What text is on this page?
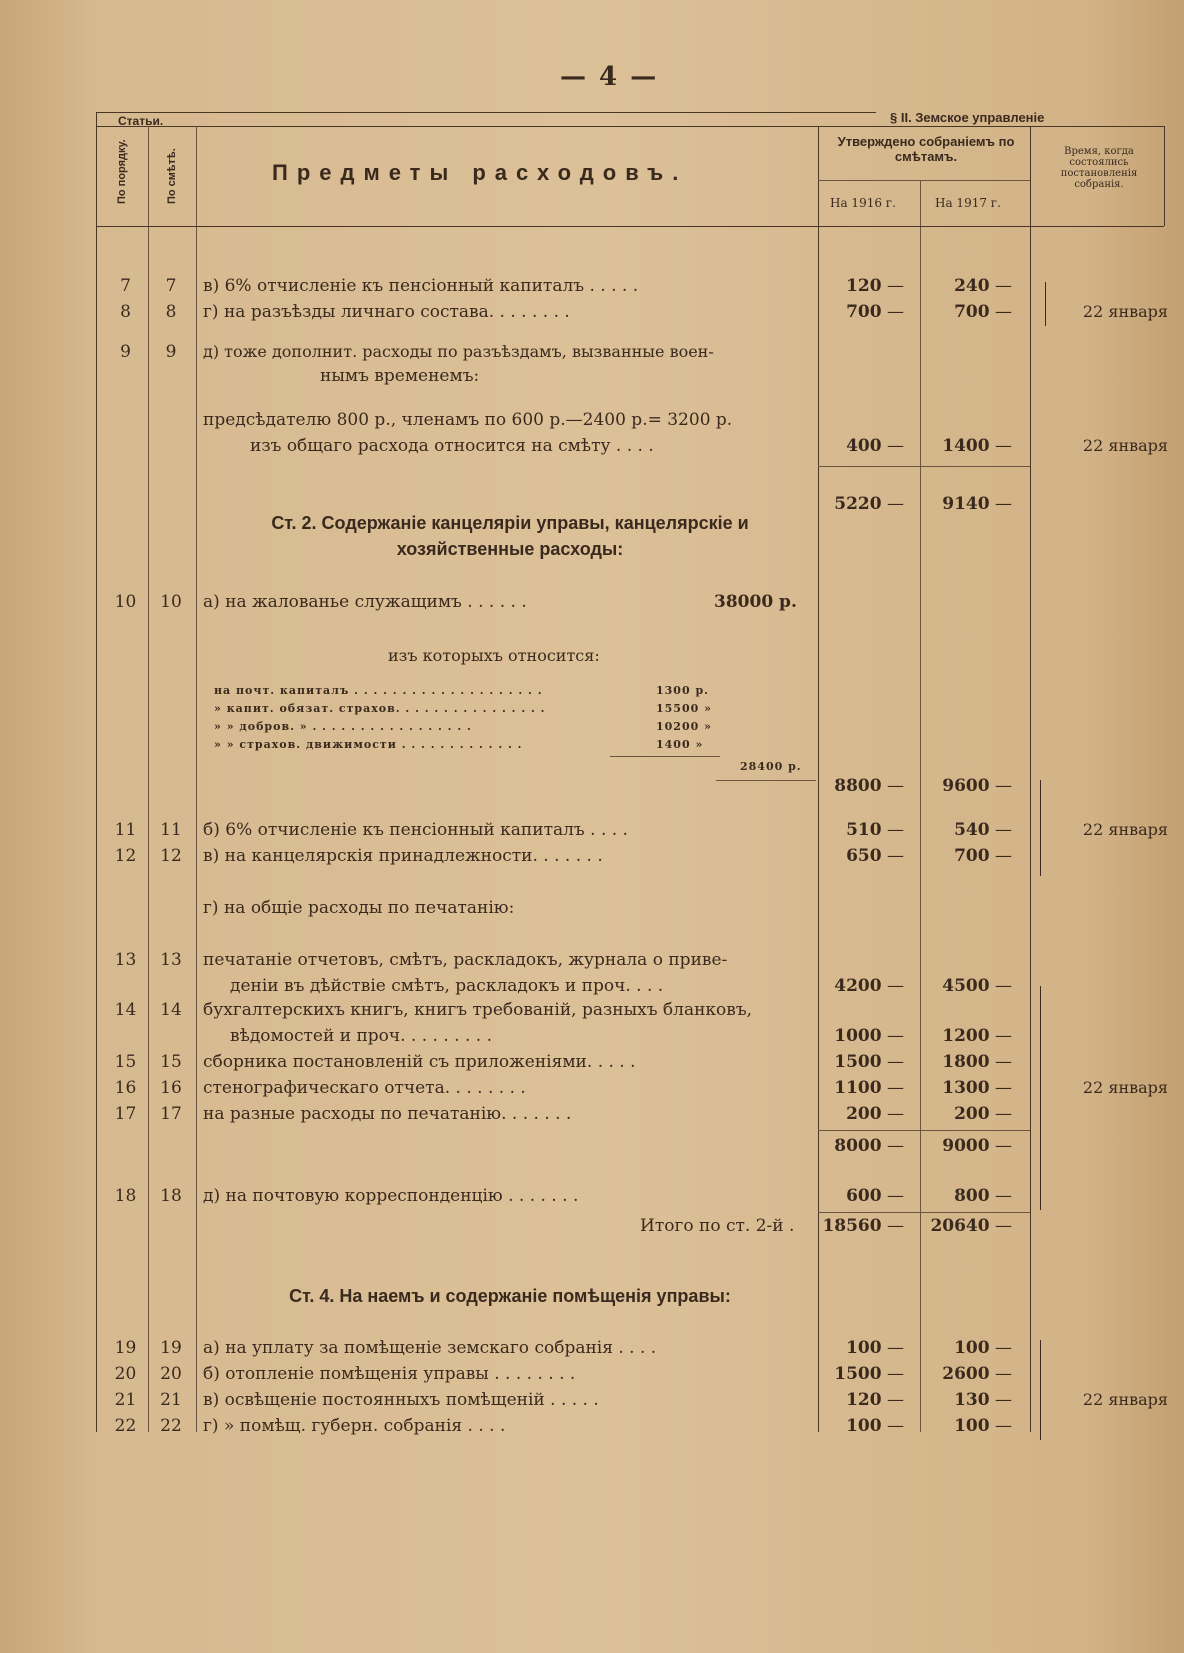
— 4 —
§ II. Земское управленіе
Статьи.
По порядку.	По смѣтѣ.	Предметы расходовъ.
Утверждено собраніемъ по смѣтамъ.
На 1916 г.	На 1917 г.
Время, когда состоялись постановленія собранія.
7	7	в) 6% отчисленіе къ пенсіонный капиталъ . . . . .	120 —	240 —
8	8	г) на разъѣзды личнаго состава. . . . . . . .	700 —	700 —	22 января
9	9	д) тоже дополнит. расходы по разъѣздамъ, вызванные воен-
нымъ временемъ:
предсѣдателю 800 р., членамъ по 600 р.—2400 р.= 3200 р.
изъ общаго расхода относится на смѣту . . . .	400 —	1400 —	22 января
5220 —	9140 —
Ст. 2. Содержаніе канцеляріи управы, канцелярскіе и хозяйственные расходы:
10	10	а) на жалованье служащимъ . . . . . .	38000 р.
изъ которыхъ относится:
на почт. капиталъ . . . . . . . . . . . . . . . . . . . .	1300 р.
» капит. обязат. страхов. . . . . . . . . . . . . . . .	15500 »
» » добров. » . . . . . . . . . . . . . . . . .	10200 »
» » страхов. движимости . . . . . . . . . . . . .	1400 »
28400 р.
8800 —	9600 —
11	11	б) 6% отчисленіе къ пенсіонный капиталъ . . . .	510 —	540 —	22 января
12	12	в) на канцелярскія принадлежности. . . . . . .	650 —	700 —
г) на общіе расходы по печатанію:
13	13	печатаніе отчетовъ, смѣтъ, раскладокъ, журнала о приве-
деніи въ дѣйствіе смѣтъ, раскладокъ и проч. . . .	4200 —	4500 —
14	14	бухгалтерскихъ книгъ, книгъ требованій, разныхъ бланковъ,
вѣдомостей и проч. . . . . . . . .	1000 —	1200 —
15	15	сборника постановленій съ приложеніями. . . . .	1500 —	1800 —
16	16	стенографическаго отчета. . . . . . . .	1100 —	1300 —	22 января
17	17	на разные расходы по печатанію. . . . . . .	200 —	200 —
8000 —	9000 —
18	18	д) на почтовую корреспонденцію . . . . . . .	600 —	800 —
Итого по ст. 2-й . 18560 —	20640 —
Ст. 4. На наемъ и содержаніе помѣщенія управы:
19	19	а) на уплату за помѣщеніе земскаго собранія . . . .	100 —	100 —
20	20	б) отопленіе помѣщенія управы . . . . . . . .	1500 —	2600 —
21	21	в) освѣщеніе постоянныхъ помѣщеній . . . . .	120 —	130 —	22 января
22	22	г) » помѣщ. губерн. собранія . . . .	100 —	100 —
